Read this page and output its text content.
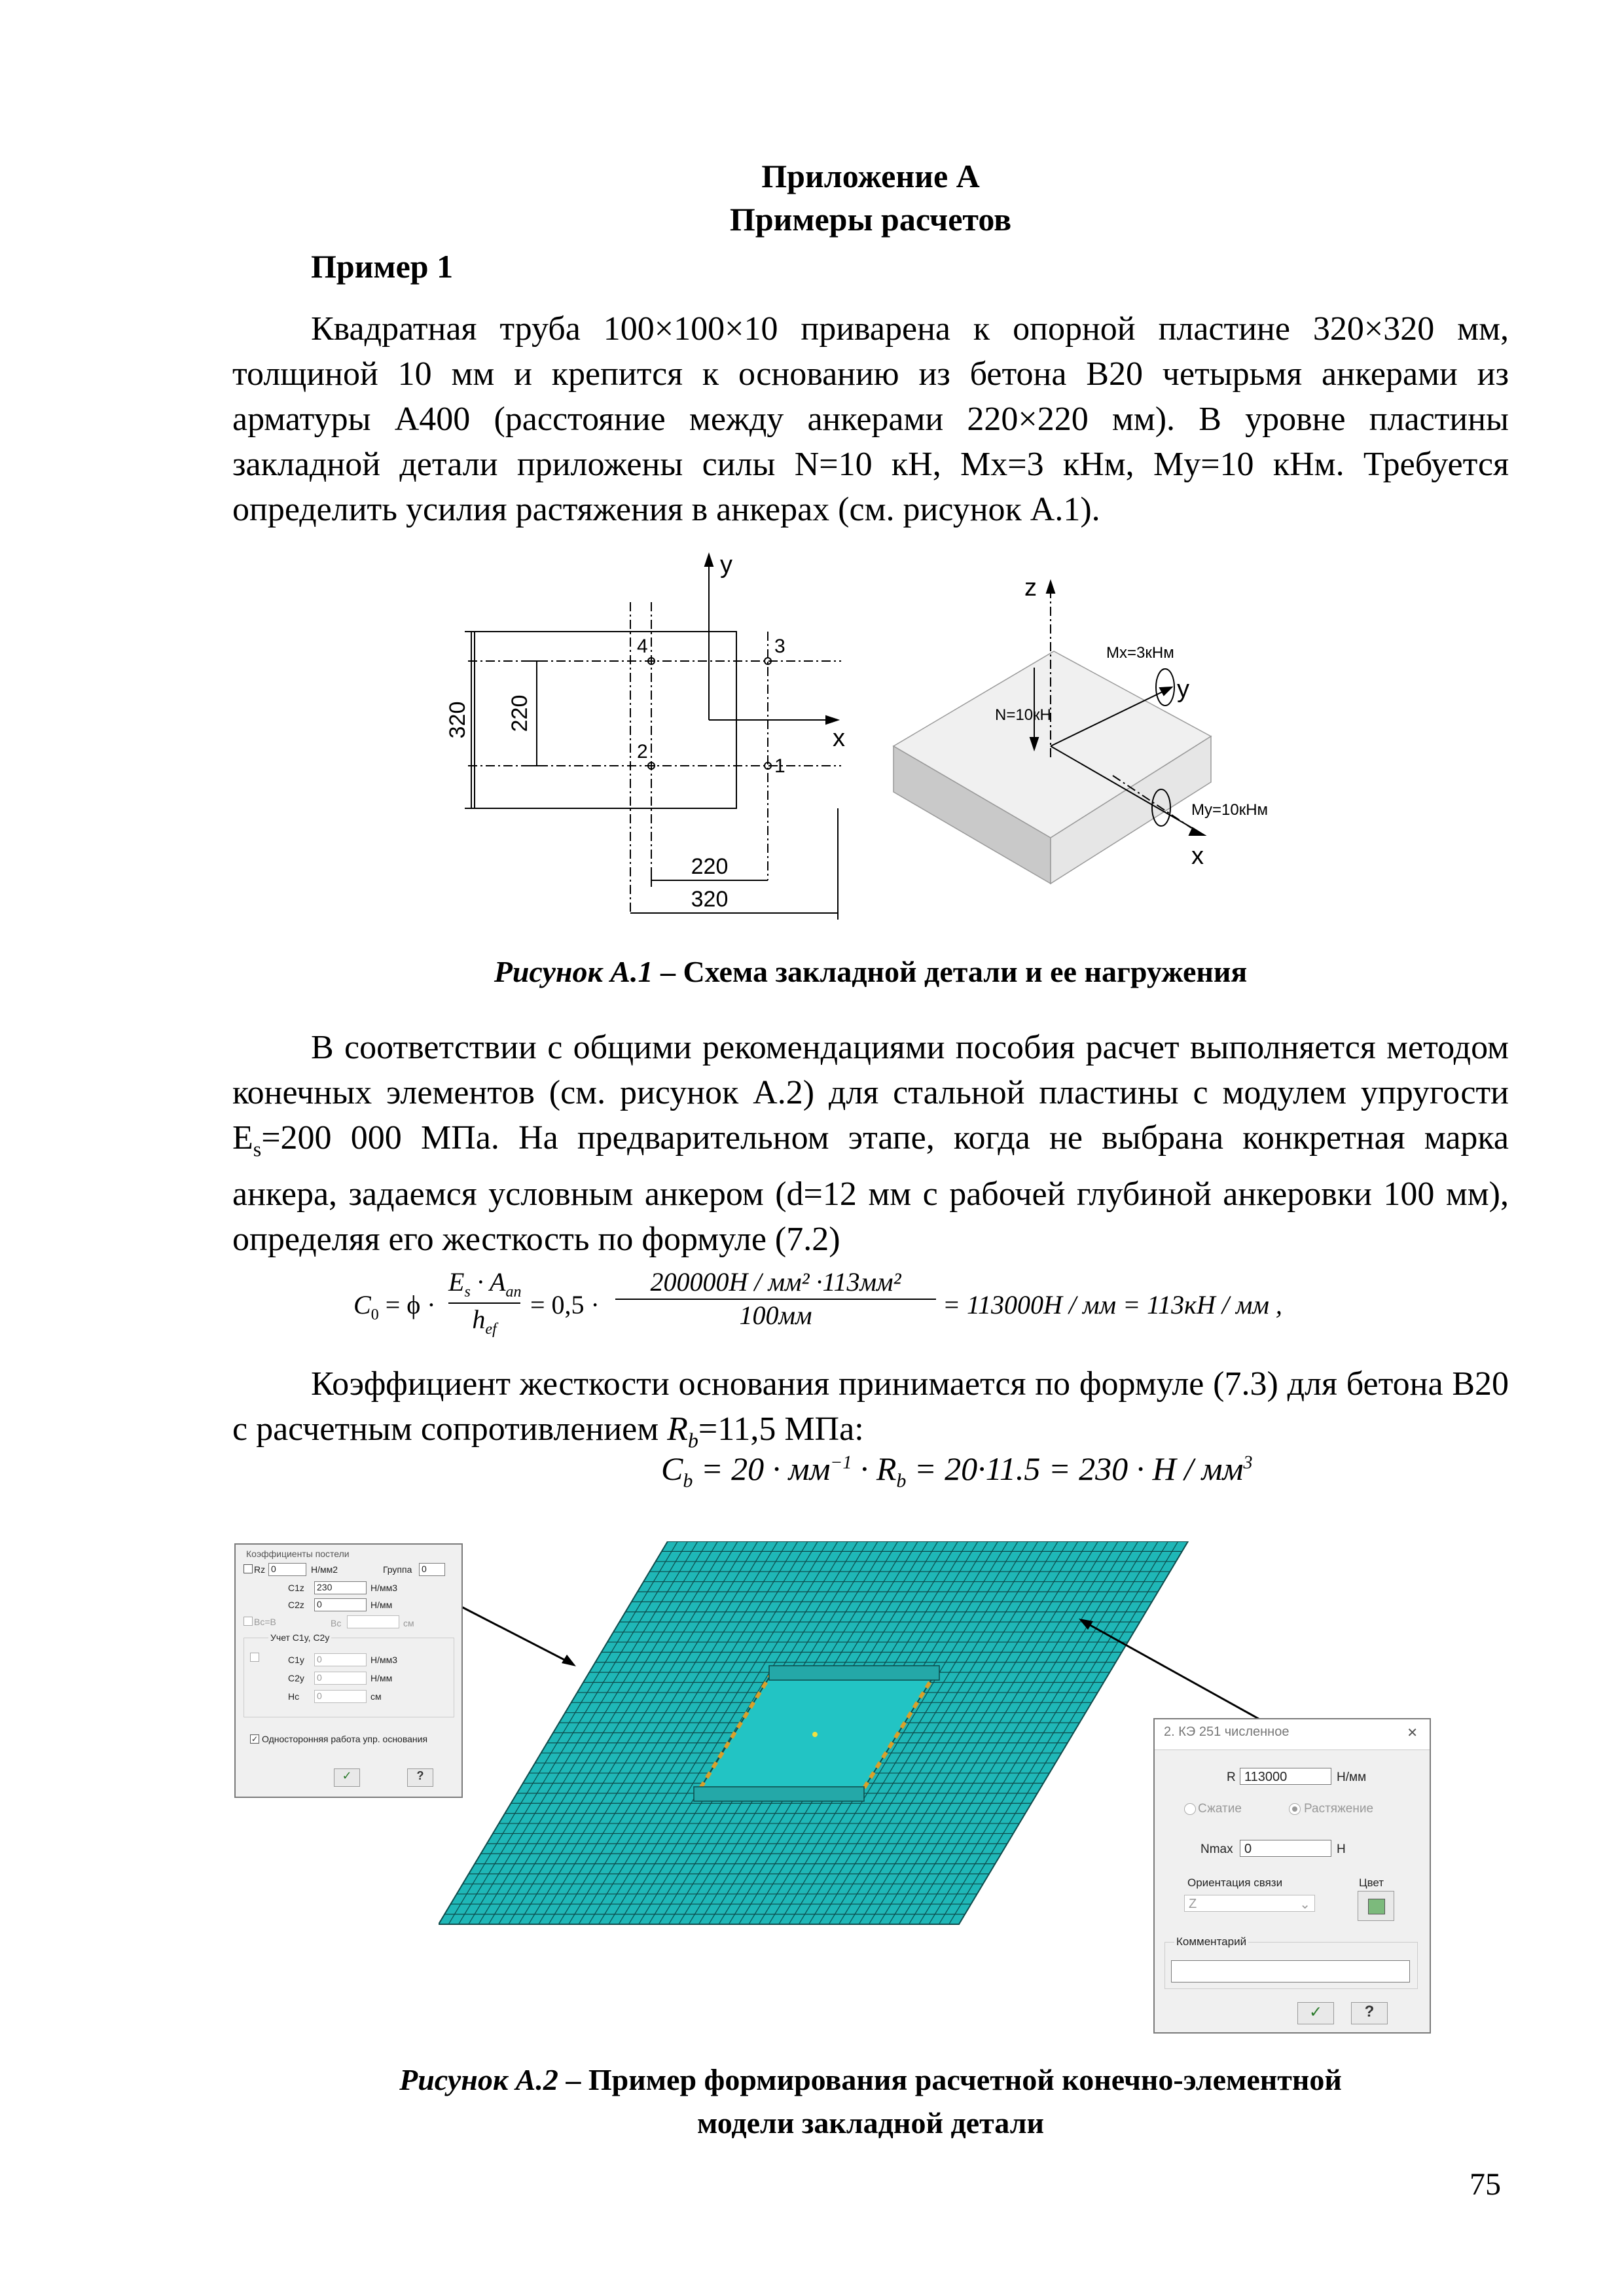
Приложение А
Примеры расчетов
Пример 1
Квадратная труба 100×100×10 приварена к опорной пластине 320×320 мм, толщиной 10 мм и крепится к основанию из бетона В20 четырьмя анкерами из арматуры А400 (расстояние между анкерами 220×220 мм). В уровне пластины закладной детали приложены силы N=10 кН, Mx=3 кНм, My=10 кНм. Требуется определить усилия растяжения в анкерах (см. рисунок А.1).
y
x
4	3
2
1
320 220
220
320
z
y
x
N=10кН
Mx=3кНм
My=10кНм
Рисунок А.1 – Схема закладной детали и ее нагружения
В соответствии с общими рекомендациями пособия расчет выполняется методом конечных элементов (см. рисунок А.2) для стальной пластины с модулем упругости $E_s=200$ 000 МПа. На предварительном этапе, когда не выбрана конкретная марка анкера, задаемся условным анкером (d=12 мм с рабочей глубиной анкеровки 100 мм), определяя его жесткость по формуле (7.2)
$C_0 = \phi$ ·
$E_s \cdot A_{an}$
$h_{ef}$
= 0,5 ·
200000H / мм² ·113мм²
100мм	= 113000H / мм = 113кH / мм ,
Коэффициент жесткости основания принимается по формуле (7.3) для бетона В20 с расчетным сопротивлением $R_b=11,5$ МПа:
$C_b = 20 \cdot мм^{-1} \cdot R_b = 20\cdot 11.5 = 230 \cdot H / мм^3$
Коэффициенты постели
Rz 0	H/мм2	Группа 0
C1z 230	H/мм3
C2z 0	H/мм
Bc=B	Bc	см
Учет C1y, C2y
C1y 0	H/мм3
C2y 0	H/мм
Hc 0	см
✓ Односторонняя работа упр. основания
✓	?
2. КЭ 251 численное	✕
R 113000	H/мм
Сжатие	Растяжение
Nmax 0	H
Ориентация связи
Z	⌄
Цвет
Комментарий
✓	?
Рисунок А.2 – Пример формирования расчетной конечно-элементной
модели закладной детали
75
